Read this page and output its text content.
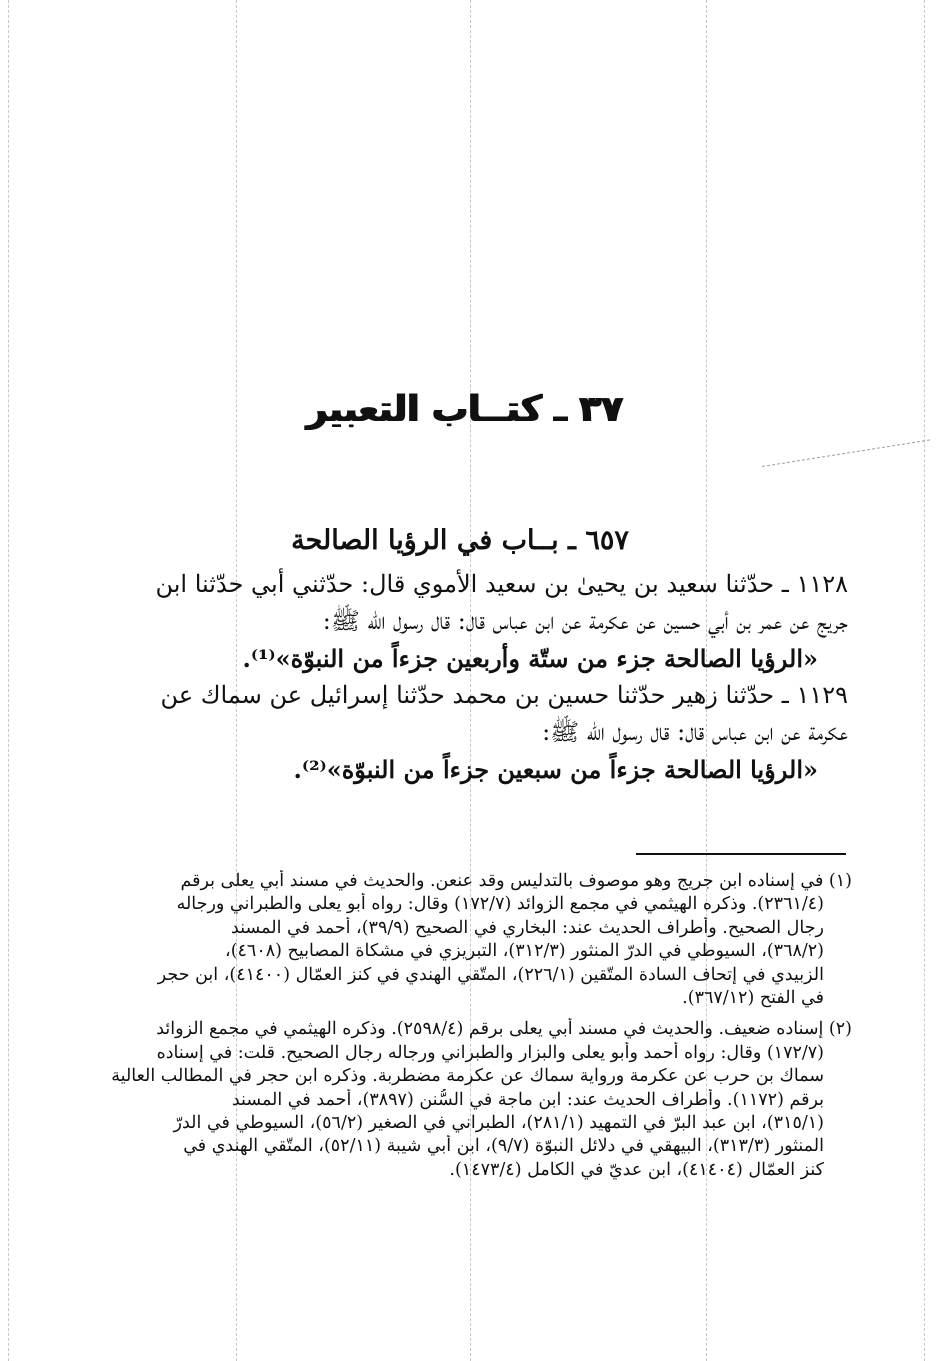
٣٧ ـ كتــاب التعبير
٦٥٧ ـ بــاب في الرؤيا الصالحة
١١٢٨ ـ حدّثنا سعيد بن يحيىٰ بن سعيد الأموي قال: حدّثني أبي حدّثنا ابن
جريج عن عمر بن أبي حسين عن عكرمة عن ابن عباس قال: قال رسول الله ﷺ:
«الرؤيا الصالحة جزء من ستّة وأربعين جزءاً من النبوّة»⁽¹⁾.
١١٢٩ ـ حدّثنا زهير حدّثنا حسين بن محمد حدّثنا إسرائيل عن سماك عن
عكرمة عن ابن عباس قال: قال رسول الله ﷺ:
«الرؤيا الصالحة جزءاً من سبعين جزءاً من النبوّة»⁽²⁾.
(١) في إسناده ابن جريج وهو موصوف بالتدليس وقد عنعن. والحديث في مسند أبي يعلى برقم
(٢٣٦١/٤). وذكره الهيثمي في مجمع الزوائد (١٧٢/٧) وقال: رواه أبو يعلى والطبراني ورجاله
رجال الصحيح. وأطراف الحديث عند: البخاري في الصحيح (٣٩/٩)، أحمد في المسند
(٣٦٨/٢)، السيوطي في الدرّ المنثور (٣١٢/٣)، التبريزي في مشكاة المصابيح (٤٦٠٨)،
الزبيدي في إتحاف السادة المتّقين (٢٢٦/١)، المتّقي الهندي في كنز العمّال (٤١٤٠٠)، ابن حجر
في الفتح (٣٦٧/١٢).
(٢) إسناده ضعيف. والحديث في مسند أبي يعلى برقم (٢٥٩٨/٤). وذكره الهيثمي في مجمع الزوائد
(١٧٢/٧) وقال: رواه أحمد وأبو يعلى والبزار والطبراني ورجاله رجال الصحيح. قلت: في إسناده
سماك بن حرب عن عكرمة ورواية سماك عن عكرمة مضطربة. وذكره ابن حجر في المطالب العالية
برقم (١١٧٢). وأطراف الحديث عند: ابن ماجة في السُّنن (٣٨٩٧)، أحمد في المسند
(٣١٥/١)، ابن عبد البرّ في التمهيد (٢٨١/١)، الطبراني في الصغير (٥٦/٢)، السيوطي في الدرّ
المنثور (٣١٣/٣)، البيهقي في دلائل النبوّة (٩/٧)، ابن أبي شيبة (٥٢/١١)، المتّقي الهندي في
كنز العمّال (٤١٤٠٤)، ابن عديّ في الكامل (١٤٧٣/٤).
